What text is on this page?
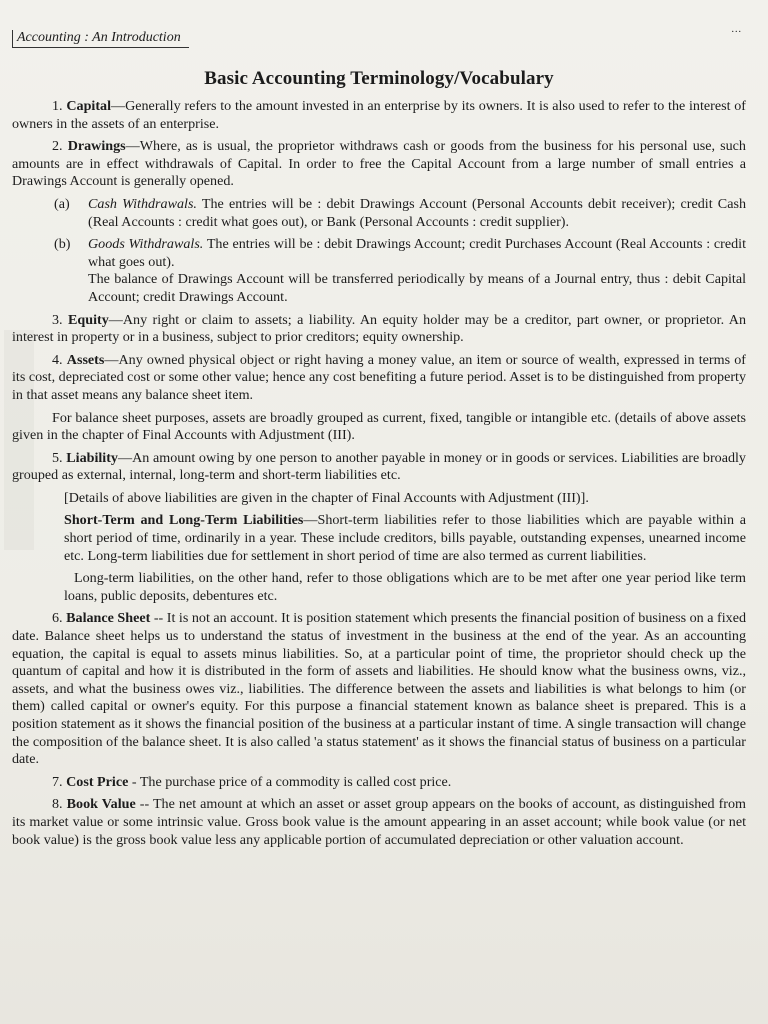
Accounting : An Introduction
...
Basic Accounting Terminology/Vocabulary

1. Capital—Generally refers to the amount invested in an enterprise by its owners. It is also used to refer to the interest of owners in the assets of an enterprise.

2. Drawings—Where, as is usual, the proprietor withdraws cash or goods from the business for his personal use, such amounts are in effect withdrawals of Capital. In order to free the Capital Account from a large number of small entries a Drawings Account is generally opened.

(a)	Cash Withdrawals. The entries will be : debit Drawings Account (Personal Accounts debit receiver); credit Cash (Real Accounts : credit what goes out), or Bank (Personal Accounts : credit supplier).
(b)	Goods Withdrawals. The entries will be : debit Drawings Account; credit Purchases Account (Real Accounts : credit what goes out).
The balance of Drawings Account will be transferred periodically by means of a Journal entry, thus : debit Capital Account; credit Drawings Account.

3. Equity—Any right or claim to assets; a liability. An equity holder may be a creditor, part owner, or proprietor. An interest in property or in a business, subject to prior creditors; equity ownership.

4. Assets—Any owned physical object or right having a money value, an item or source of wealth, expressed in terms of its cost, depreciated cost or some other value; hence any cost benefiting a future period. Asset is to be distinguished from property in that asset means any balance sheet item.

For balance sheet purposes, assets are broadly grouped as current, fixed, tangible or intangible etc. (details of above assets given in the chapter of Final Accounts with Adjustment (III).

5. Liability—An amount owing by one person to another payable in money or in goods or services. Liabilities are broadly grouped as external, internal, long-term and short-term liabilities etc.

[Details of above liabilities are given in the chapter of Final Accounts with Adjustment (III)].

Short-Term and Long-Term Liabilities—Short-term liabilities refer to those liabilities which are payable within a short period of time, ordinarily in a year. These include creditors, bills payable, outstanding expenses, unearned income etc. Long-term liabilities due for settlement in short period of time are also termed as current liabilities.

Long-term liabilities, on the other hand, refer to those obligations which are to be met after one year period like term loans, public deposits, debentures etc.

6. Balance Sheet -- It is not an account. It is position statement which presents the financial position of business on a fixed date. Balance sheet helps us to understand the status of investment in the business at the end of the year. As an accounting equation, the capital is equal to assets minus liabilities. So, at a particular point of time, the proprietor should check up the quantum of capital and how it is distributed in the form of assets and liabilities. He should know what the business owns, viz., assets, and what the business owes viz., liabilities. The difference between the assets and liabilities is what belongs to him (or them) called capital or owner's equity. For this purpose a financial statement known as balance sheet is prepared. This is a position statement as it shows the financial position of the business at a particular instant of time. A single transaction will change the composition of the balance sheet. It is also called 'a status statement' as it shows the financial status of business on a particular date.

7. Cost Price - The purchase price of a commodity is called cost price.

8. Book Value -- The net amount at which an asset or asset group appears on the books of account, as distinguished from its market value or some intrinsic value. Gross book value is the amount appearing in an asset account; while book value (or net book value) is the gross book value less any applicable portion of accumulated depreciation or other valuation account.
